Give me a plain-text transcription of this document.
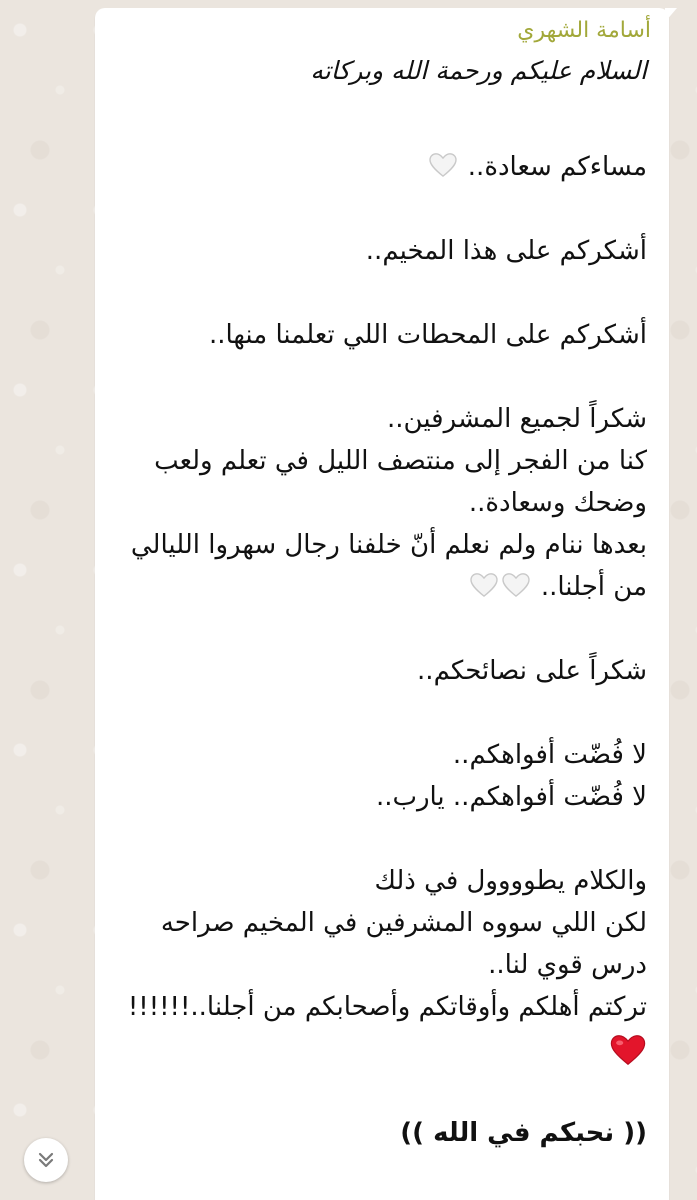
أسامة الشهري
السلام عليكم ورحمة الله وبركاته
مساءكم سعادة..
أشكركم على هذا المخيم..
أشكركم على المحطات اللي تعلمنا منها..
شكراً لجميع المشرفين..
كنا من الفجر إلى منتصف الليل في تعلم ولعب
وضحك وسعادة..
بعدها ننام ولم نعلم أنّ خلفنا رجال سهروا الليالي
من أجلنا..
شكراً على نصائحكم..
لا فُضّت أفواهكم..
لا فُضّت أفواهكم.. يارب..
والكلام يطوووول في ذلك
لكن اللي سووه المشرفين في المخيم صراحه
درس قوي لنا..
تركتم أهلكم وأوقاتكم وأصحابكم من أجلنا..!!!!!!
(( نحبكم في الله ))
